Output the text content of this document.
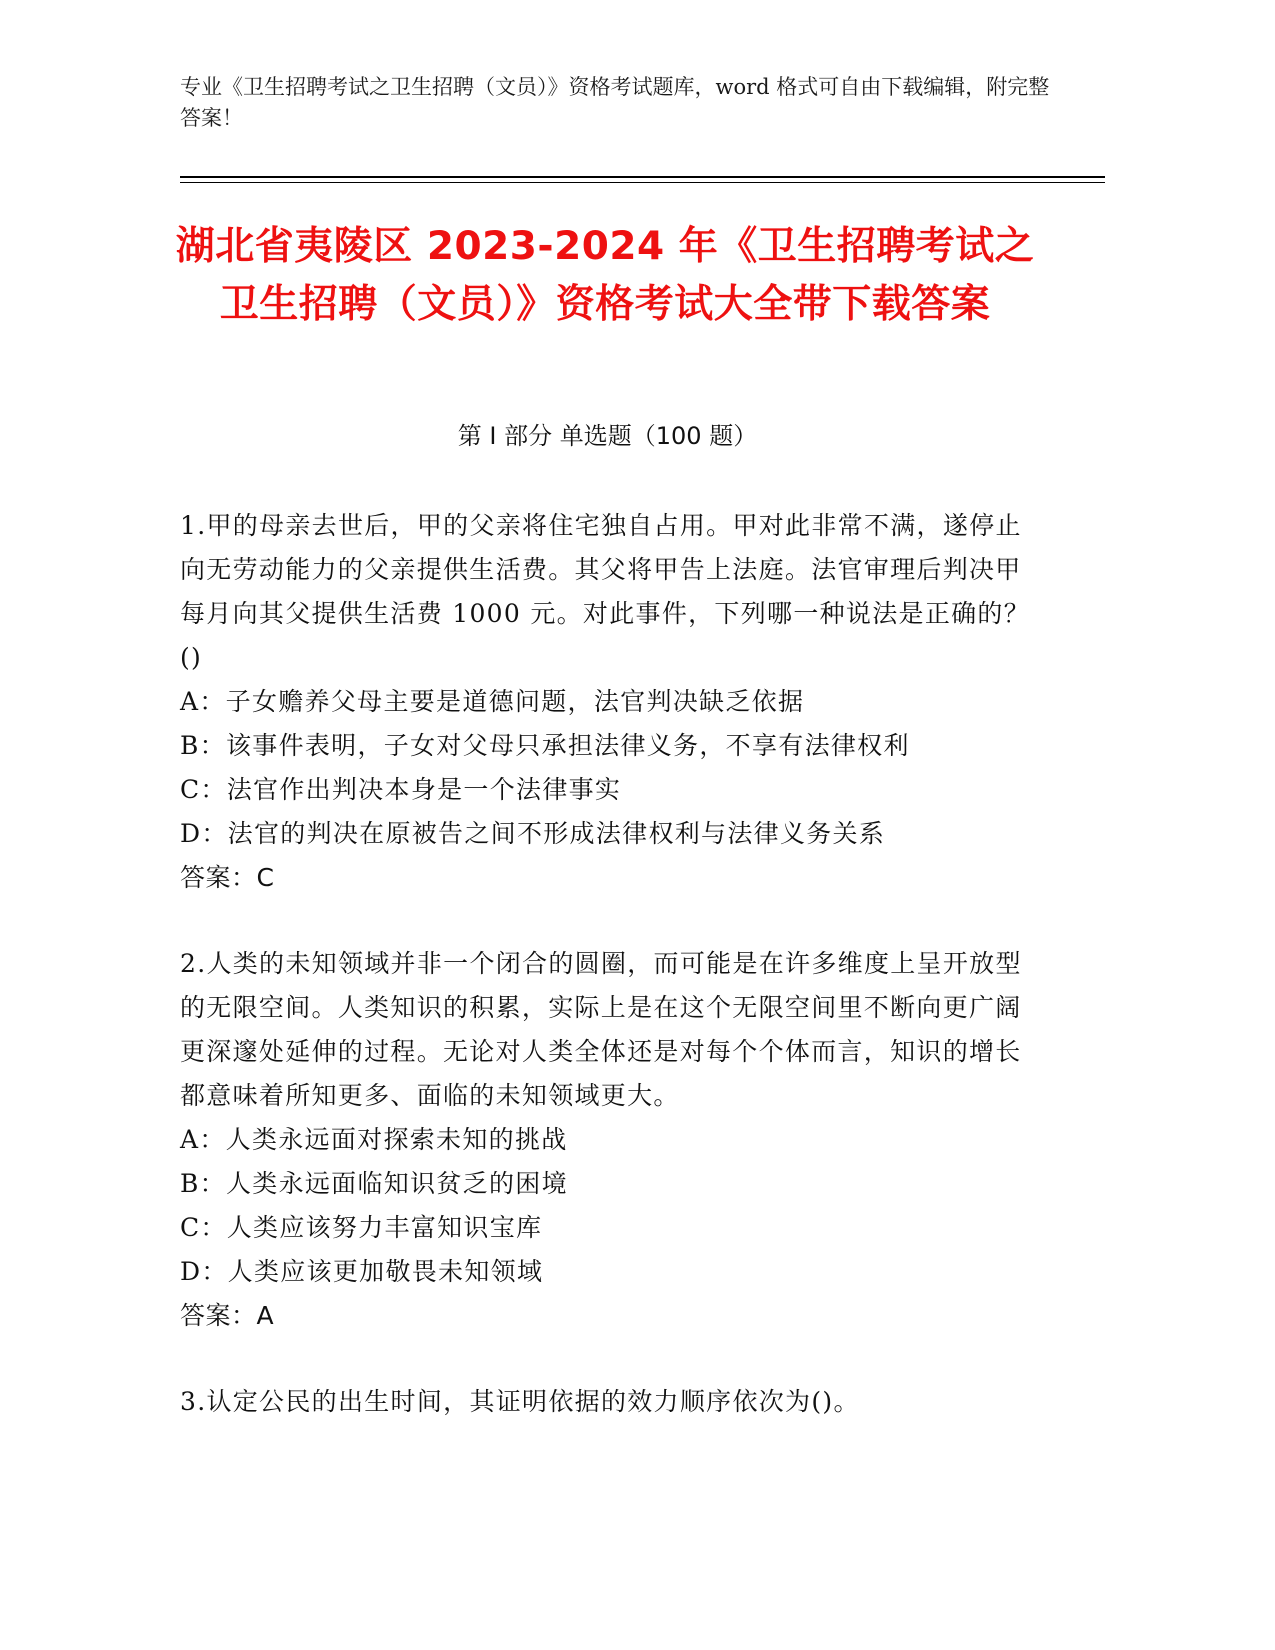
专业《卫生招聘考试之卫生招聘（文员）》资格考试题库，word 格式可自由下载编辑，附完整答案！
湖北省夷陵区 2023-2024 年《卫生招聘考试之卫生招聘（文员）》资格考试大全带下载答案
第 I 部分 单选题（100 题）
1.甲的母亲去世后，甲的父亲将住宅独自占用。甲对此非常不满，遂停止向无劳动能力的父亲提供生活费。其父将甲告上法庭。法官审理后判决甲每月向其父提供生活费 1000 元。对此事件，下列哪一种说法是正确的？()
A：子女赡养父母主要是道德问题，法官判决缺乏依据
B：该事件表明，子女对父母只承担法律义务，不享有法律权利
C：法官作出判决本身是一个法律事实
D：法官的判决在原被告之间不形成法律权利与法律义务关系
答案：C
2.人类的未知领域并非一个闭合的圆圈，而可能是在许多维度上呈开放型的无限空间。人类知识的积累，实际上是在这个无限空间里不断向更广阔更深邃处延伸的过程。无论对人类全体还是对每个个体而言，知识的增长都意味着所知更多、面临的未知领域更大。
A：人类永远面对探索未知的挑战
B：人类永远面临知识贫乏的困境
C：人类应该努力丰富知识宝库
D：人类应该更加敬畏未知领域
答案：A
3.认定公民的出生时间，其证明依据的效力顺序依次为()。
